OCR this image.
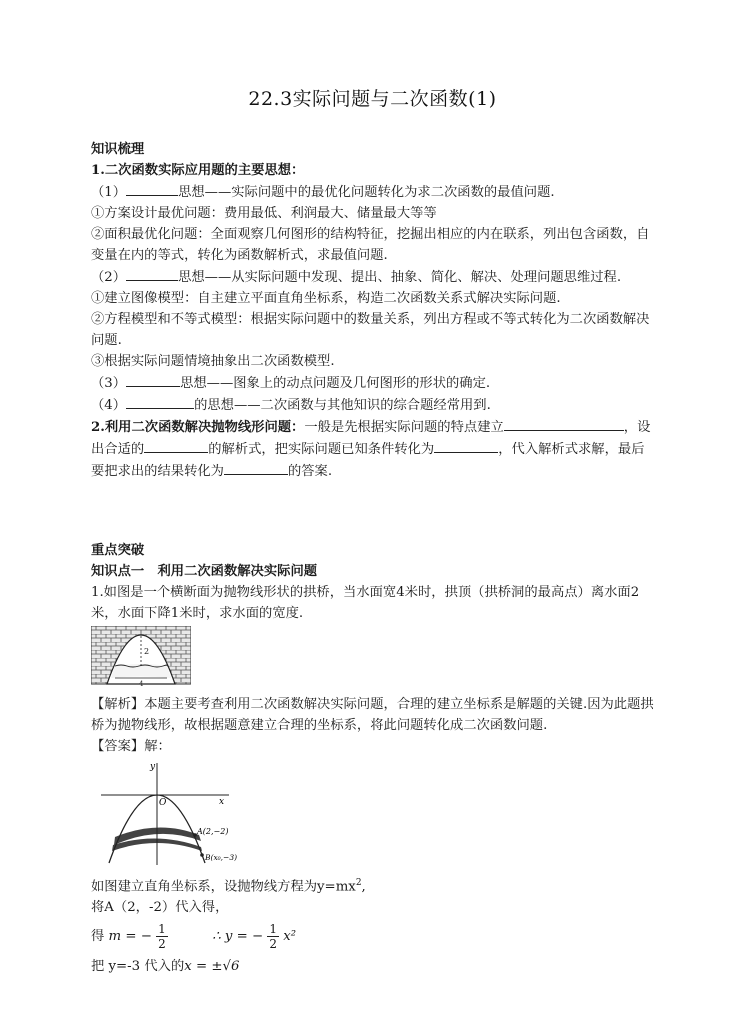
22.3实际问题与二次函数(1)
知识梳理
1.二次函数实际应用题的主要思想：
（1）	思想——实际问题中的最优化问题转化为求二次函数的最值问题.
①方案设计最优问题：费用最低、利润最大、储量最大等等
②面积最优化问题：全面观察几何图形的结构特征，挖掘出相应的内在联系，列出包含函数，自变量在内的等式，转化为函数解析式，求最值问题.
（2）	思想——从实际问题中发现、提出、抽象、简化、解决、处理问题思维过程.
①建立图像模型：自主建立平面直角坐标系，构造二次函数关系式解决实际问题.
②方程模型和不等式模型：根据实际问题中的数量关系，列出方程或不等式转化为二次函数解决问题.
③根据实际问题情境抽象出二次函数模型.
（3）	思想——图象上的动点问题及几何图形的形状的确定.
（4）	的思想——二次函数与其他知识的综合题经常用到.
2.利用二次函数解决抛物线形问题：一般是先根据实际问题的特点建立	，设出合适的	的解析式，把实际问题已知条件转化为	，代入解析式求解，最后要把求出的结果转化为	的答案.
重点突破
知识点一　利用二次函数解决实际问题
1.如图是一个横断面为抛物线形状的拱桥，当水面宽4米时，拱顶（拱桥洞的最高点）离水面2米，水面下降1米时，求水面的宽度.
2
4
【解析】本题主要考查利用二次函数解决实际问题，合理的建立坐标系是解题的关键.因为此题拱桥为抛物线形，故根据题意建立合理的坐标系，将此问题转化成二次函数问题.
【答案】解：
y
x
O
A(2,−2)
B(x₀,−3)
如图建立直角坐标系，设抛物线方程为$y=mx^2$,
将A（2，-2）代入得，
得 m = − $\frac{1}{2}$	∴ y = − $\frac{1}{2} x^2$
把 y=-3 代入的x = ±√6
